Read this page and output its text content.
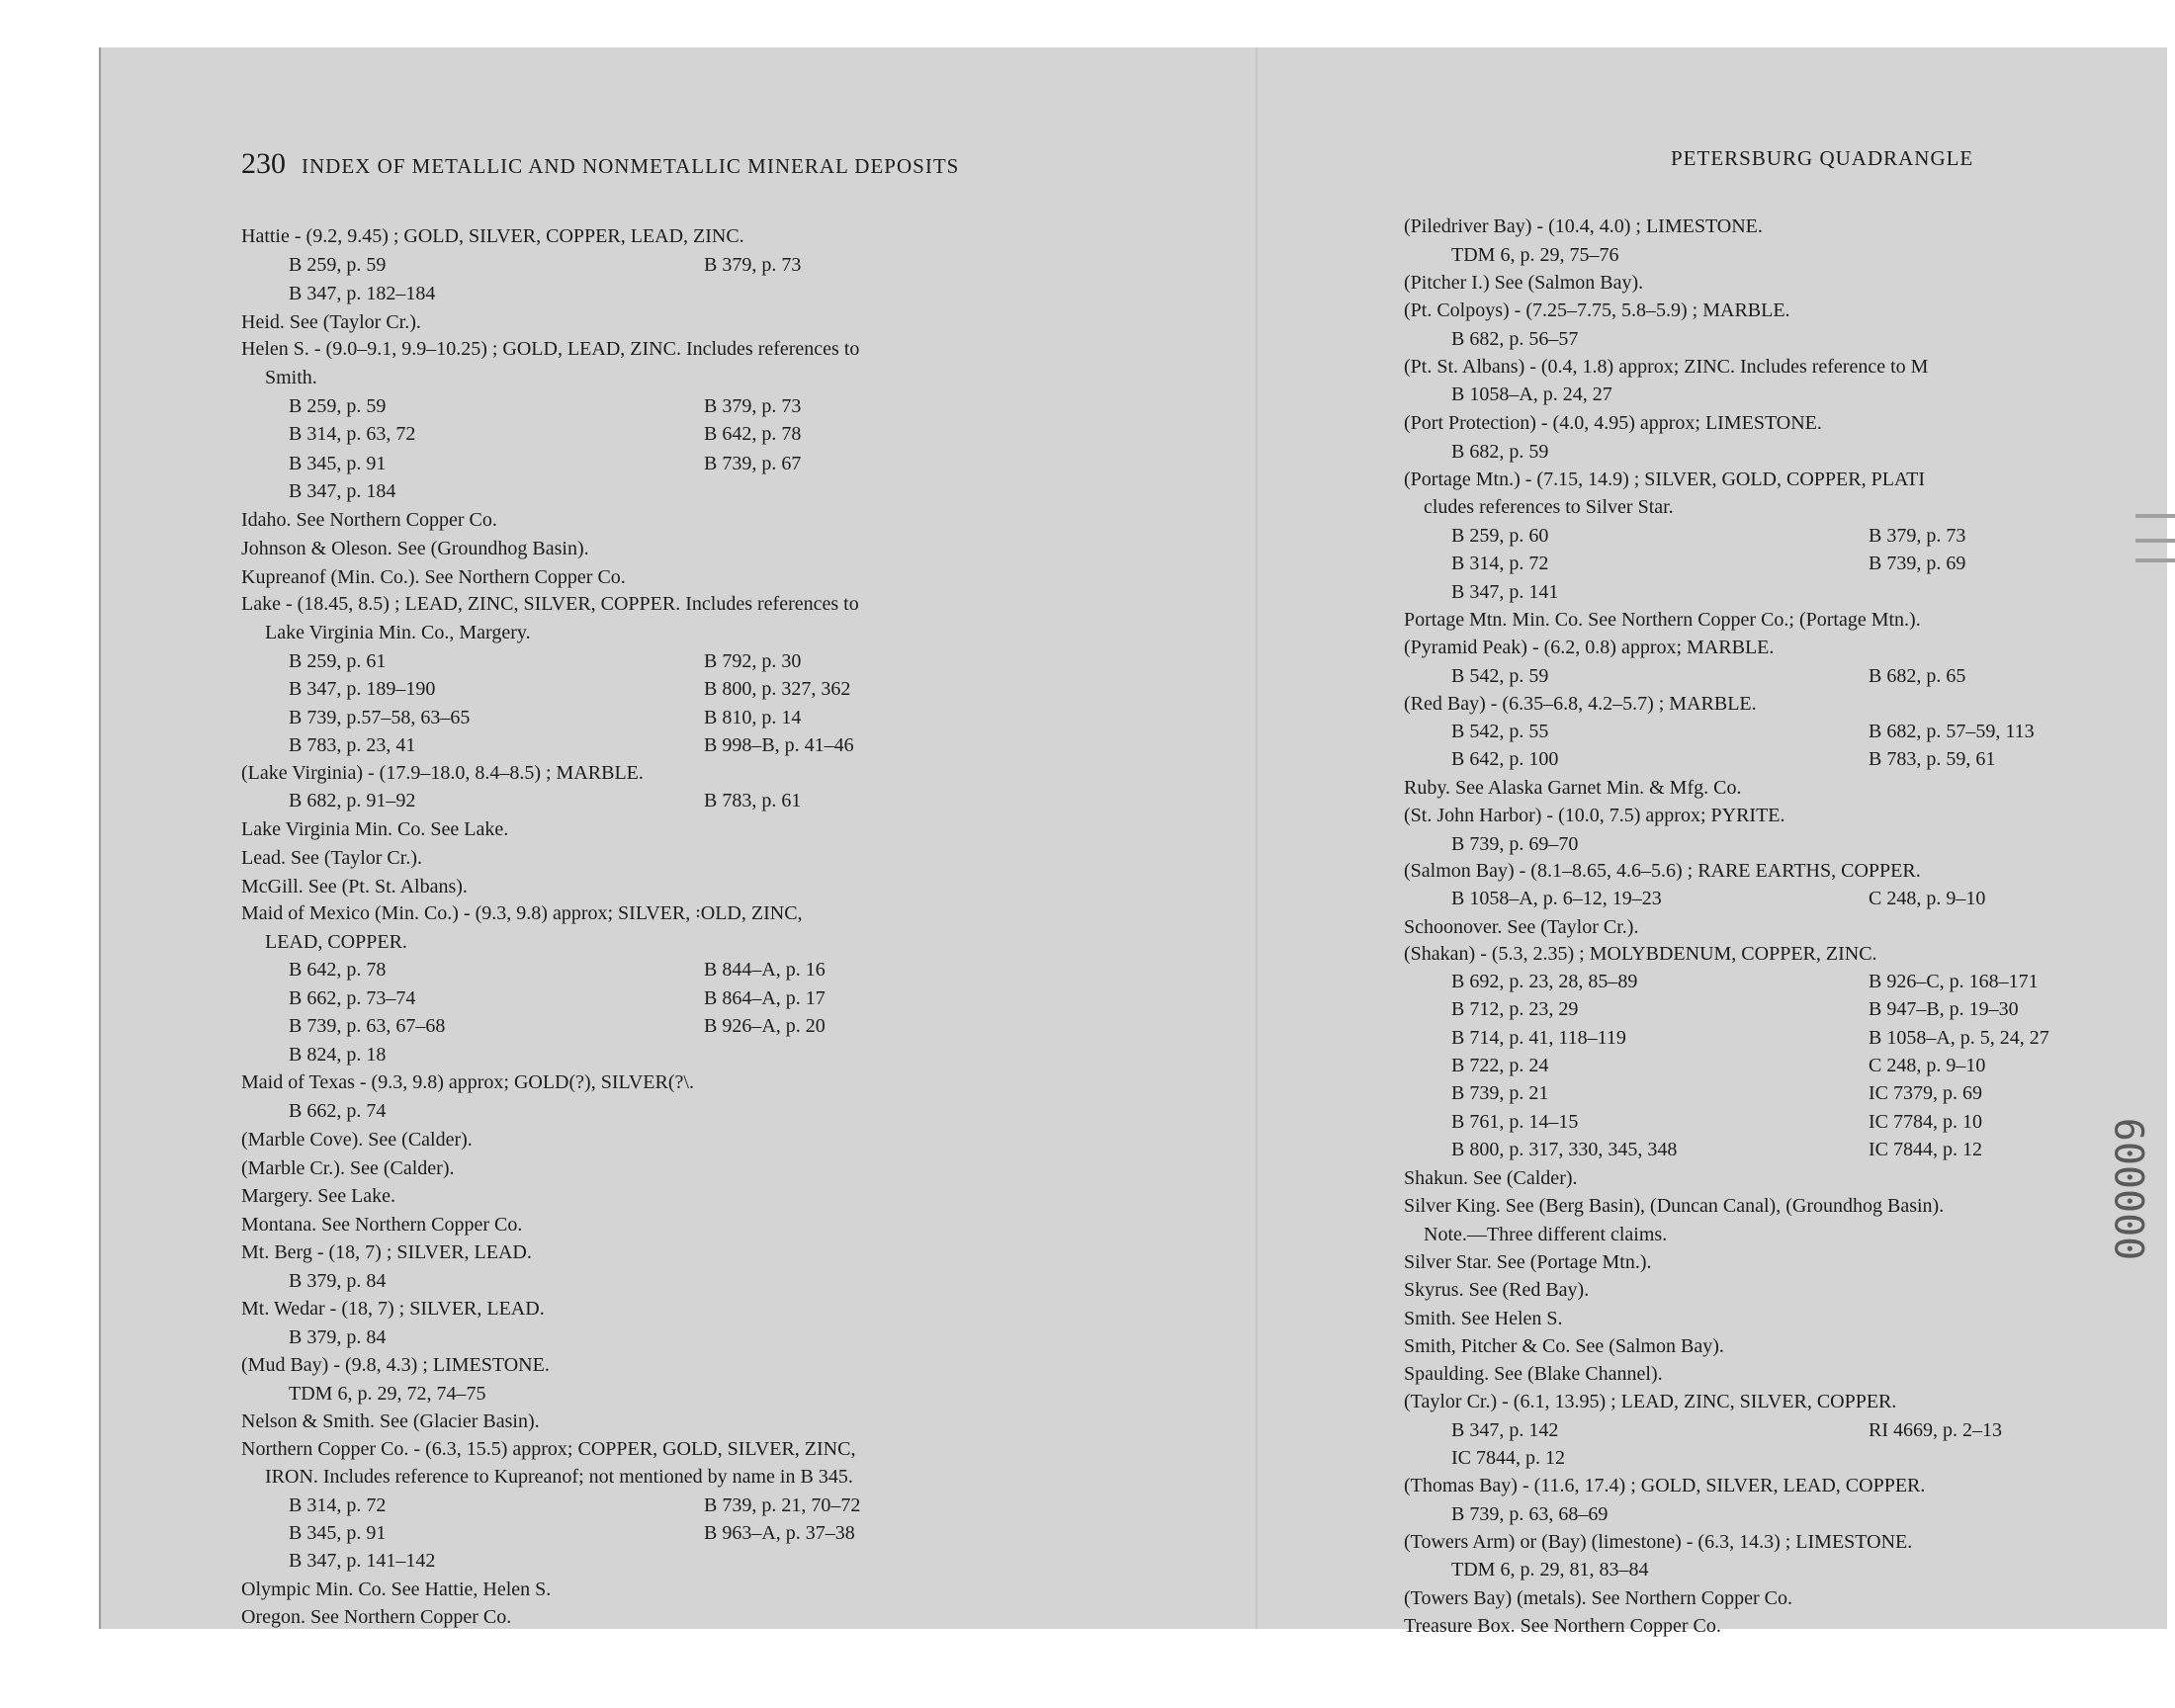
230 INDEX OF METALLIC AND NONMETALLIC MINERAL DEPOSITS	PETERSBURG QUADRANGLE
Hattie - (9.2, 9.45) ; GOLD, SILVER, COPPER, LEAD, ZINC.
B 259, p. 59	B 379, p. 73
B 347, p. 182–184
Heid. See (Taylor Cr.).
Helen S. - (9.0–9.1, 9.9–10.25) ; GOLD, LEAD, ZINC. Includes references to
Smith.
B 259, p. 59	B 379, p. 73
B 314, p. 63, 72	B 642, p. 78
B 345, p. 91	B 739, p. 67
B 347, p. 184
Idaho. See Northern Copper Co.
Johnson & Oleson. See (Groundhog Basin).
Kupreanof (Min. Co.). See Northern Copper Co.
Lake - (18.45, 8.5) ; LEAD, ZINC, SILVER, COPPER. Includes references to
Lake Virginia Min. Co., Margery.
B 259, p. 61	B 792, p. 30
B 347, p. 189–190	B 800, p. 327, 362
B 739, p.57–58, 63–65	B 810, p. 14
B 783, p. 23, 41	B 998–B, p. 41–46
(Lake Virginia) - (17.9–18.0, 8.4–8.5) ; MARBLE.
B 682, p. 91–92	B 783, p. 61
Lake Virginia Min. Co. See Lake.
Lead. See (Taylor Cr.).
McGill. See (Pt. St. Albans).
Maid of Mexico (Min. Co.) - (9.3, 9.8) approx; SILVER, ꞉OLD, ZINC,
LEAD, COPPER.
B 642, p. 78	B 844–A, p. 16
B 662, p. 73–74	B 864–A, p. 17
B 739, p. 63, 67–68	B 926–A, p. 20
B 824, p. 18
Maid of Texas - (9.3, 9.8) approx; GOLD(?), SILVER(?\.
B 662, p. 74
(Marble Cove). See (Calder).
(Marble Cr.). See (Calder).
Margery. See Lake.
Montana. See Northern Copper Co.
Mt. Berg - (18, 7) ; SILVER, LEAD.
B 379, p. 84
Mt. Wedar - (18, 7) ; SILVER, LEAD.
B 379, p. 84
(Mud Bay) - (9.8, 4.3) ; LIMESTONE.
TDM 6, p. 29, 72, 74–75
Nelson & Smith. See (Glacier Basin).
Northern Copper Co. - (6.3, 15.5) approx; COPPER, GOLD, SILVER, ZINC,
IRON. Includes reference to Kupreanof; not mentioned by name in B 345.
B 314, p. 72	B 739, p. 21, 70–72
B 345, p. 91	B 963–A, p. 37–38
B 347, p. 141–142
Olympic Min. Co. See Hattie, Helen S.
Oregon. See Northern Copper Co.
(Piledriver Bay) - (10.4, 4.0) ; LIMESTONE.
TDM 6, p. 29, 75–76
(Pitcher I.) See (Salmon Bay).
(Pt. Colpoys) - (7.25–7.75, 5.8–5.9) ; MARBLE.
B 682, p. 56–57
(Pt. St. Albans) - (0.4, 1.8) approx; ZINC. Includes reference to M
B 1058–A, p. 24, 27
(Port Protection) - (4.0, 4.95) approx; LIMESTONE.
B 682, p. 59
(Portage Mtn.) - (7.15, 14.9) ; SILVER, GOLD, COPPER, PLATI
cludes references to Silver Star.
B 259, p. 60	B 379, p. 73
B 314, p. 72	B 739, p. 69
B 347, p. 141
Portage Mtn. Min. Co. See Northern Copper Co.; (Portage Mtn.).
(Pyramid Peak) - (6.2, 0.8) approx; MARBLE.
B 542, p. 59	B 682, p. 65
(Red Bay) - (6.35–6.8, 4.2–5.7) ; MARBLE.
B 542, p. 55	B 682, p. 57–59, 113
B 642, p. 100	B 783, p. 59, 61
Ruby. See Alaska Garnet Min. & Mfg. Co.
(St. John Harbor) - (10.0, 7.5) approx; PYRITE.
B 739, p. 69–70
(Salmon Bay) - (8.1–8.65, 4.6–5.6) ; RARE EARTHS, COPPER.
B 1058–A, p. 6–12, 19–23	C 248, p. 9–10
Schoonover. See (Taylor Cr.).
(Shakan) - (5.3, 2.35) ; MOLYBDENUM, COPPER, ZINC.
B 692, p. 23, 28, 85–89	B 926–C, p. 168–171
B 712, p. 23, 29	B 947–B, p. 19–30
B 714, p. 41, 118–119	B 1058–A, p. 5, 24, 27
B 722, p. 24	C 248, p. 9–10
B 739, p. 21	IC 7379, p. 69
B 761, p. 14–15	IC 7784, p. 10
B 800, p. 317, 330, 345, 348	IC 7844, p. 12
Shakun. See (Calder).
Silver King. See (Berg Basin), (Duncan Canal), (Groundhog Basin).
Note.—Three different claims.
Silver Star. See (Portage Mtn.).
Skyrus. See (Red Bay).
Smith. See Helen S.
Smith, Pitcher & Co. See (Salmon Bay).
Spaulding. See (Blake Channel).
(Taylor Cr.) - (6.1, 13.95) ; LEAD, ZINC, SILVER, COPPER.
B 347, p. 142	RI 4669, p. 2–13
IC 7844, p. 12
(Thomas Bay) - (11.6, 17.4) ; GOLD, SILVER, LEAD, COPPER.
B 739, p. 63, 68–69
(Towers Arm) or (Bay) (limestone) - (6.3, 14.3) ; LIMESTONE.
TDM 6, p. 29, 81, 83–84
(Towers Bay) (metals). See Northern Copper Co.
Treasure Box. See Northern Copper Co.
600000
